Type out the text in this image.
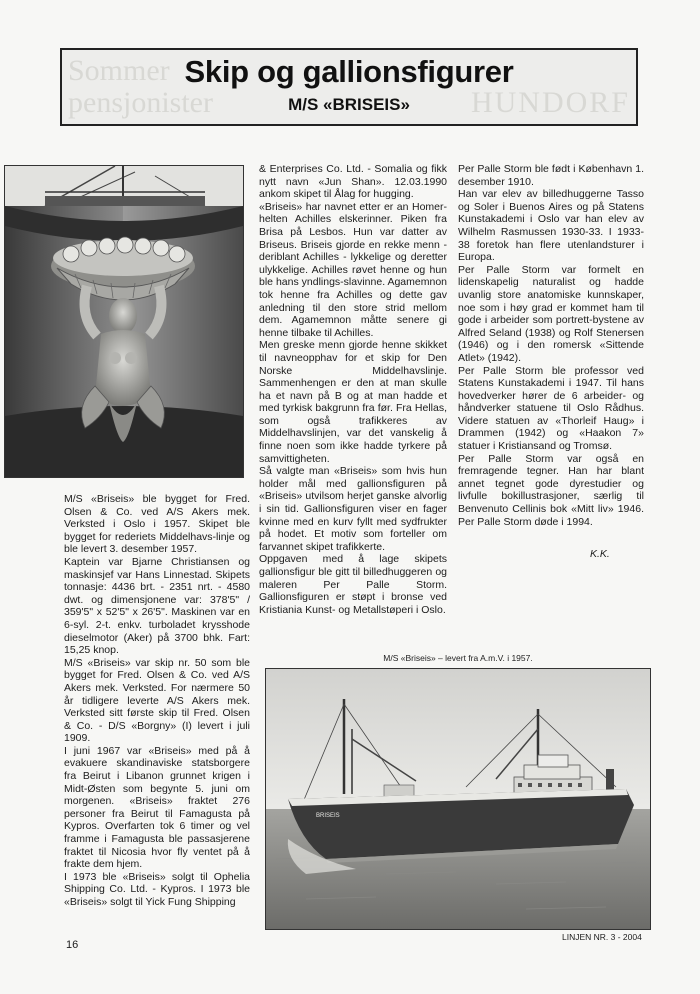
Sommer
pensjonister	HUNDORF
Skip og gallionsfigurer
M/S «BRISEIS»

M/S «Briseis» ble bygget for Fred. Olsen & Co. ved A/S Akers mek. Verksted i Oslo i 1957. Skipet ble bygget for rederiets Middelhavs-linje og ble levert 3. desember 1957.

Kaptein var Bjarne Christiansen og maskinsjef var Hans Linnestad. Skipets tonnasje: 4436 brt. - 2351 nrt. - 4580 dwt. og dimensjonene var: 378'5" / 359'5" x 52'5" x 26'5". Maskinen var en 6-syl. 2-t. enkv. turboladet krysshode dieselmotor (Aker) på 3700 bhk. Fart: 15,25 knop.

M/S «Briseis» var skip nr. 50 som ble bygget for Fred. Olsen & Co. ved A/S Akers mek. Verksted. For nærmere 50 år tidligere leverte A/S Akers mek. Verksted sitt første skip til Fred. Olsen & Co. - D/S «Borgny» (I) levert i juli 1909.

I juni 1967 var «Briseis» med på å evakuere skandinaviske statsborgere fra Beirut i Libanon grunnet krigen i Midt-Østen som begynte 5. juni om morgenen. «Briseis» fraktet 276 personer fra Beirut til Famagusta på Kypros. Overfarten tok 6 timer og vel framme i Famagusta ble passasjerene fraktet til Nicosia hvor fly ventet på å frakte dem hjem.

I 1973 ble «Briseis» solgt til Ophelia Shipping Co. Ltd. - Kypros. I 1973 ble «Briseis» solgt til Yick Fung Shipping

& Enterprises Co. Ltd. - Somalia og fikk nytt navn «Jun Shan». 12.03.1990 ankom skipet til Ålag for hugging.

«Briseis» har navnet etter er an Homer-helten Achilles elskerinner. Piken fra Brisa på Lesbos. Hun var datter av Briseus. Briseis gjorde en rekke menn - deriblant Achilles - lykkelige og deretter ulykkelige. Achilles røvet henne og hun ble hans yndlings-slavinne. Agamemnon tok henne fra Achilles og dette gav anledning til den store strid mellom dem. Agamemnon måtte senere gi henne tilbake til Achilles.

Men greske menn gjorde henne skikket til navneopphav for et skip for Den Norske Middelhavslinje. Sammenhengen er den at man skulle ha et navn på B og at man hadde et med tyrkisk bakgrunn fra før. Fra Hellas, som også trafikkeres av Middelhavslinjen, var det vanskelig å finne noen som ikke hadde tyrkere på samvittigheten.

Så valgte man «Briseis» som hvis hun holder mål med gallionsfiguren på «Briseis» utvilsom herjet ganske alvorlig i sin tid. Gallionsfiguren viser en fager kvinne med en kurv fyllt med sydfrukter på hodet. Et motiv som forteller om farvannet skipet trafikkerte.

Oppgaven med å lage skipets gallionsfigur ble gitt til billedhuggeren og maleren Per Palle Storm. Gallionsfiguren er støpt i bronse ved Kristiania Kunst- og Metallstøperi i Oslo.

Per Palle Storm ble født i København 1. desember 1910.

Han var elev av billedhuggerne Tasso og Soler i Buenos Aires og på Statens Kunstakademi i Oslo var han elev av Wilhelm Rasmussen 1930-33. I 1933-38 foretok han flere utenlandsturer i Europa.

Per Palle Storm var formelt en lidenskapelig naturalist og hadde uvanlig store anatomiske kunnskaper, noe som i høy grad er kommet ham til gode i arbeider som portrett-bystene av Alfred Seland (1938) og Rolf Stenersen (1946) og i den romersk «Sittende Atlet» (1942).

Per Palle Storm ble professor ved Statens Kunstakademi i 1947. Til hans hovedverker hører de 6 arbeider- og håndverker statuene til Oslo Rådhus. Videre statuen av «Thorleif Haug» i Drammen (1942) og «Haakon 7» statuer i Kristiansand og Tromsø.

Per Palle Storm var også en fremragende tegner. Han har blant annet tegnet gode dyrestudier og livfulle bokillustrasjoner, særlig til Benvenuto Cellinis bok «Mitt liv» 1946. Per Palle Storm døde i 1994.

K.K.
M/S «Briseis» – levert fra A.m.V. i 1957.
BRISEIS
16
LINJEN NR. 3 - 2004
